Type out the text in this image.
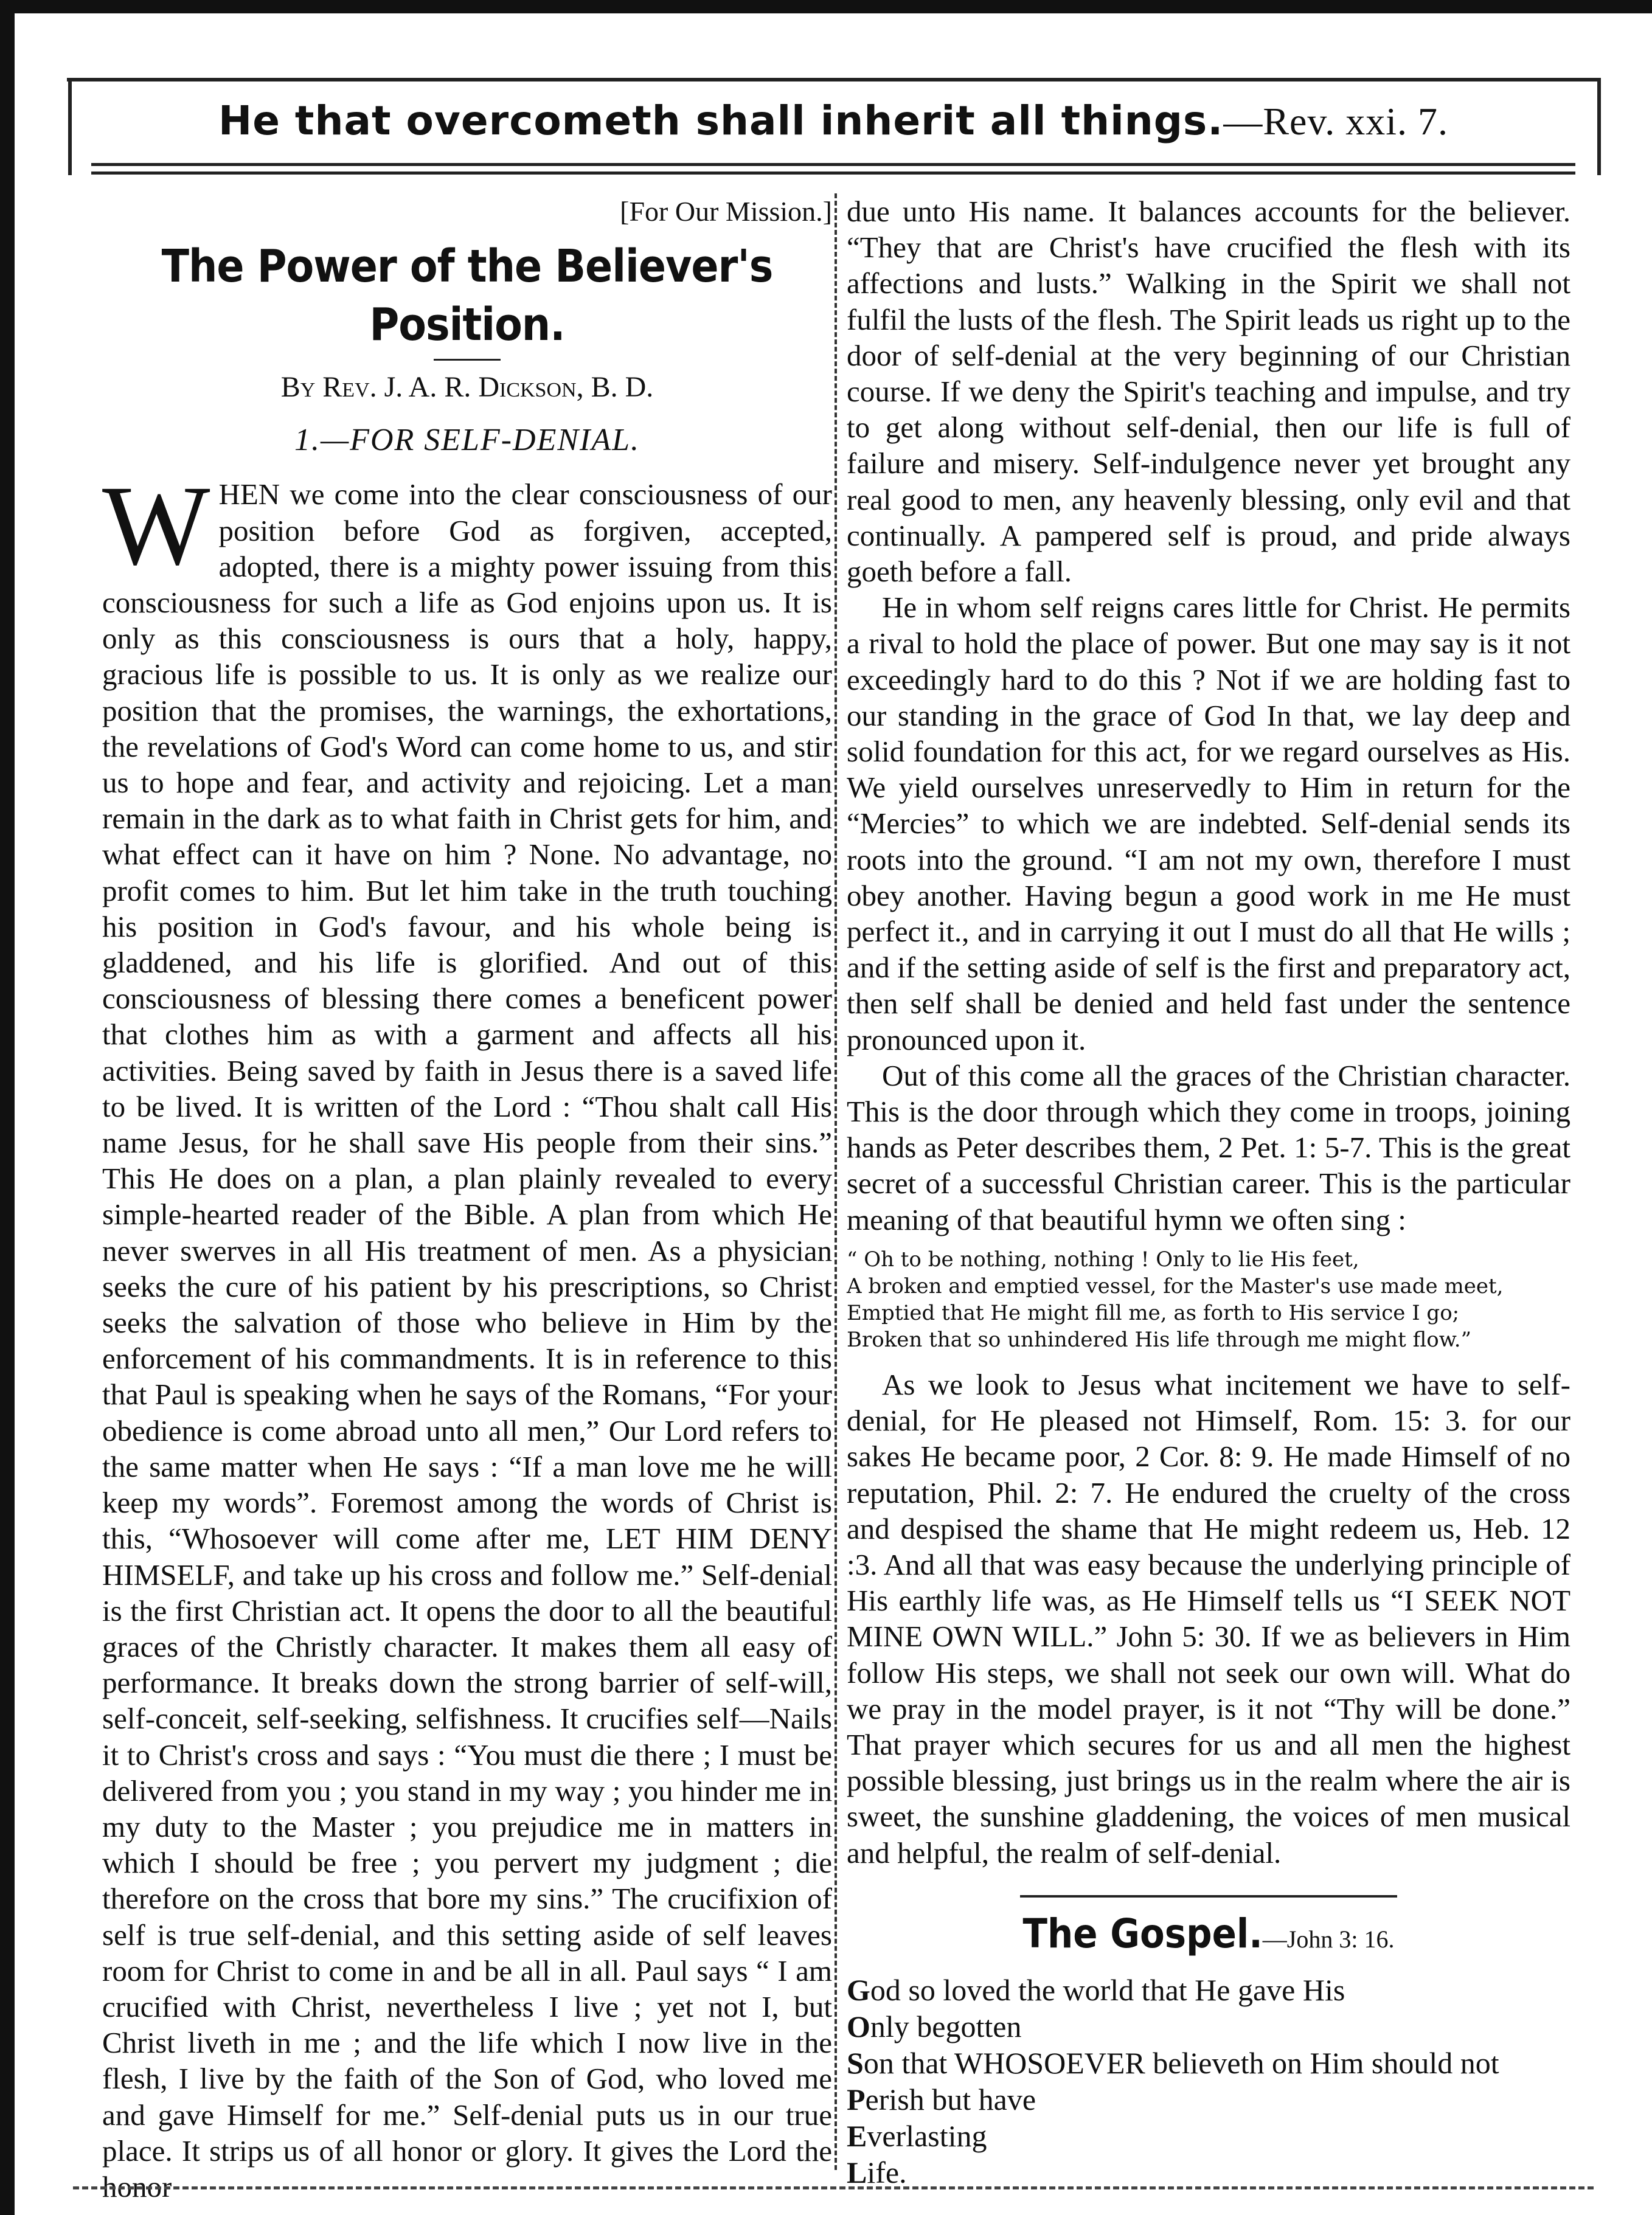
He that overcometh shall inherit all things.—Rev. xxi. 7.

[For Our Mission.]

The Power of the Believer's Position.

By Rev. J. A. R. Dickson, B. D.

1.—FOR SELF-DENIAL.

WHEN we come into the clear consciousness of our position before God as forgiven, accepted, adopted, there is a mighty power issuing from this consciousness for such a life as God enjoins upon us. It is only as this consciousness is ours that a holy, happy, gracious life is possible to us. It is only as we realize our position that the promises, the warnings, the exhortations, the revelations of God's Word can come home to us, and stir us to hope and fear, and activity and rejoicing. Let a man remain in the dark as to what faith in Christ gets for him, and what effect can it have on him ? None. No advantage, no profit comes to him. But let him take in the truth touching his position in God's favour, and his whole being is gladdened, and his life is glorified. And out of this consciousness of blessing there comes a beneficent power that clothes him as with a garment and affects all his activities. Being saved by faith in Jesus there is a saved life to be lived. It is written of the Lord : “Thou shalt call His name Jesus, for he shall save His people from their sins.” This He does on a plan, a plan plainly revealed to every simple-hearted reader of the Bible. A plan from which He never swerves in all His treatment of men. As a physician seeks the cure of his patient by his prescriptions, so Christ seeks the salvation of those who believe in Him by the enforcement of his commandments. It is in reference to this that Paul is speaking when he says of the Romans, “For your obedience is come abroad unto all men,” Our Lord refers to the same matter when He says : “If a man love me he will keep my words”. Foremost among the words of Christ is this, “Whosoever will come after me, LET HIM DENY HIMSELF, and take up his cross and follow me.” Self-denial is the first Christian act. It opens the door to all the beautiful graces of the Christly character. It makes them all easy of performance. It breaks down the strong barrier of self-will, self-conceit, self-seeking, selfishness. It crucifies self—Nails it to Christ's cross and says : “You must die there ; I must be delivered from you ; you stand in my way ; you hinder me in my duty to the Master ; you prejudice me in matters in which I should be free ; you pervert my judgment ; die therefore on the cross that bore my sins.” The crucifixion of self is true self-denial, and this setting aside of self leaves room for Christ to come in and be all in all. Paul says “ I am crucified with Christ, nevertheless I live ; yet not I, but Christ liveth in me ; and the life which I now live in the flesh, I live by the faith of the Son of God, who loved me and gave Himself for me.” Self-denial puts us in our true place. It strips us of all honor or glory. It gives the Lord the honor

due unto His name. It balances accounts for the believer. “They that are Christ's have crucified the flesh with its affections and lusts.” Walking in the Spirit we shall not fulfil the lusts of the flesh. The Spirit leads us right up to the door of self-denial at the very beginning of our Christian course. If we deny the Spirit's teaching and impulse, and try to get along without self-denial, then our life is full of failure and misery. Self-indulgence never yet brought any real good to men, any heavenly blessing, only evil and that continually. A pampered self is proud, and pride always goeth before a fall.

He in whom self reigns cares little for Christ. He permits a rival to hold the place of power. But one may say is it not exceedingly hard to do this ? Not if we are holding fast to our standing in the grace of God In that, we lay deep and solid foundation for this act, for we regard ourselves as His. We yield ourselves unreservedly to Him in return for the “Mercies” to which we are indebted. Self-denial sends its roots into the ground. “I am not my own, therefore I must obey another. Having begun a good work in me He must perfect it., and in carrying it out I must do all that He wills ; and if the setting aside of self is the first and preparatory act, then self shall be denied and held fast under the sentence pronounced upon it.

Out of this come all the graces of the Christian character. This is the door through which they come in troops, joining hands as Peter describes them, 2 Pet. 1: 5-7. This is the great secret of a successful Christian career. This is the particular meaning of that beautiful hymn we often sing :

“ Oh to be nothing, nothing ! Only to lie His feet,
A broken and emptied vessel, for the Master's use made meet,
Emptied that He might fill me, as forth to His service I go;
Broken that so unhindered His life through me might flow.”

As we look to Jesus what incitement we have to self-denial, for He pleased not Himself, Rom. 15: 3. for our sakes He became poor, 2 Cor. 8: 9. He made Himself of no reputation, Phil. 2: 7. He endured the cruelty of the cross and despised the shame that He might redeem us, Heb. 12 :3. And all that was easy because the underlying principle of His earthly life was, as He Himself tells us “I SEEK NOT MINE OWN WILL.” John 5: 30. If we as believers in Him follow His steps, we shall not seek our own will. What do we pray in the model prayer, is it not “Thy will be done.” That prayer which secures for us and all men the highest possible blessing, just brings us in the realm where the air is sweet, the sunshine gladdening, the voices of men musical and helpful, the realm of self-denial.

The Gospel.—John 3: 16.
God so loved the world that He gave His
Only begotten
Son that WHOSOEVER believeth on Him should not
Perish but have
Everlasting
Life.
